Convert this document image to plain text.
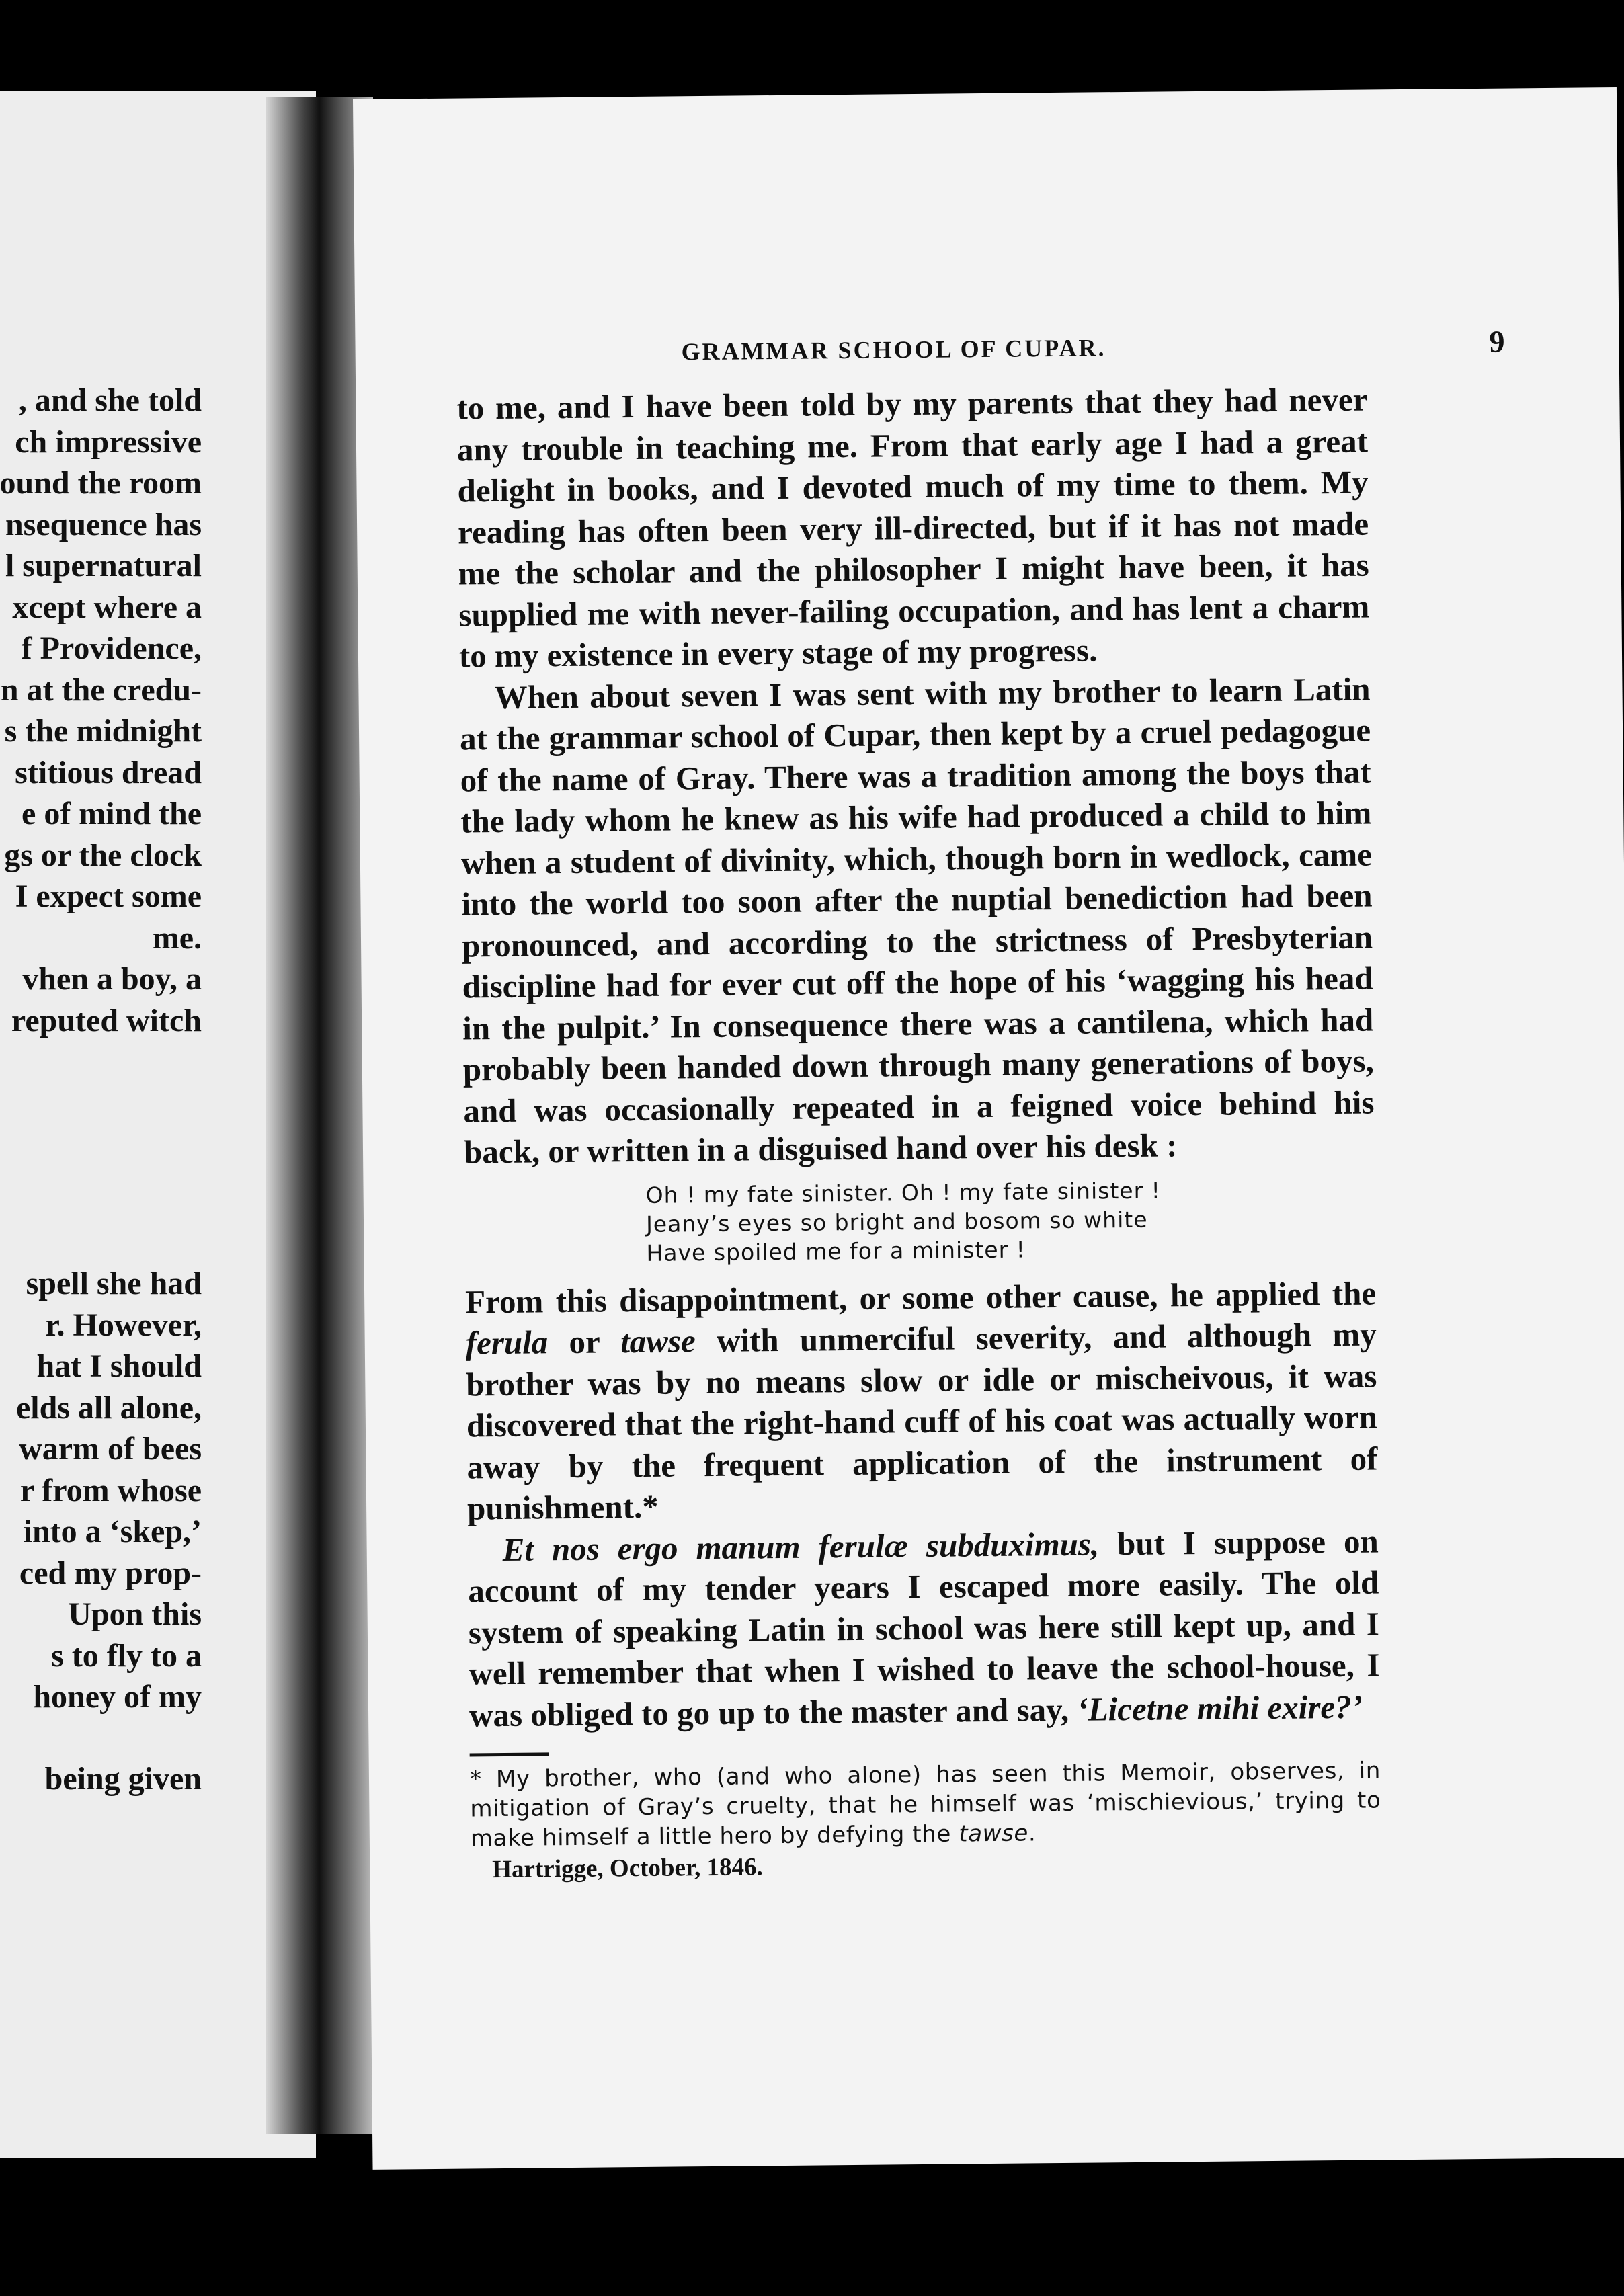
, and she told
ch impressive
ound the room
nsequence has
l supernatural
xcept where a
f Providence,
n at the credu-
s the midnight
stitious dread
e of mind the
gs or the clock
I expect some
me.
vhen a boy, a
reputed witch
spell she had
r. However,
hat I should
elds all alone,
warm of bees
r from whose
into a ‘skep,’
ced my prop-
Upon this
s to fly to a
honey of my
being given
GRAMMAR SCHOOL OF CUPAR.	9

to me, and I have been told by my parents that they had never any trouble in teaching me. From that early age I had a great delight in books, and I devoted much of my time to them. My reading has often been very ill-directed, but if it has not made me the scholar and the philosopher I might have been, it has supplied me with never-failing occupation, and has lent a charm to my existence in every stage of my progress.

When about seven I was sent with my brother to learn Latin at the grammar school of Cupar, then kept by a cruel pedagogue of the name of Gray. There was a tradition among the boys that the lady whom he knew as his wife had produced a child to him when a student of divinity, which, though born in wedlock, came into the world too soon after the nuptial benediction had been pronounced, and according to the strictness of Presbyterian discipline had for ever cut off the hope of his ‘wagging his head in the pulpit.’ In consequence there was a cantilena, which had probably been handed down through many generations of boys, and was occasionally repeated in a feigned voice behind his back, or written in a disguised hand over his desk :

Oh ! my fate sinister. Oh ! my fate sinister !
Jeany’s eyes so bright and bosom so white
Have spoiled me for a minister !

From this disappointment, or some other cause, he applied the ferula or tawse with unmerciful severity, and although my brother was by no means slow or idle or mischeivous, it was discovered that the right-hand cuff of his coat was actually worn away by the frequent application of the instrument of punishment.*

Et nos ergo manum ferulæ subduximus, but I suppose on account of my tender years I escaped more easily. The old system of speaking Latin in school was here still kept up, and I well remember that when I wished to leave the school-house, I was obliged to go up to the master and say, ‘Licetne mihi exire?’

* My brother, who (and who alone) has seen this Memoir, observes, in mitigation of Gray’s cruelty, that he himself was ‘mischievious,’ trying to make himself a little hero by defying the tawse.
Hartrigge, October, 1846.
